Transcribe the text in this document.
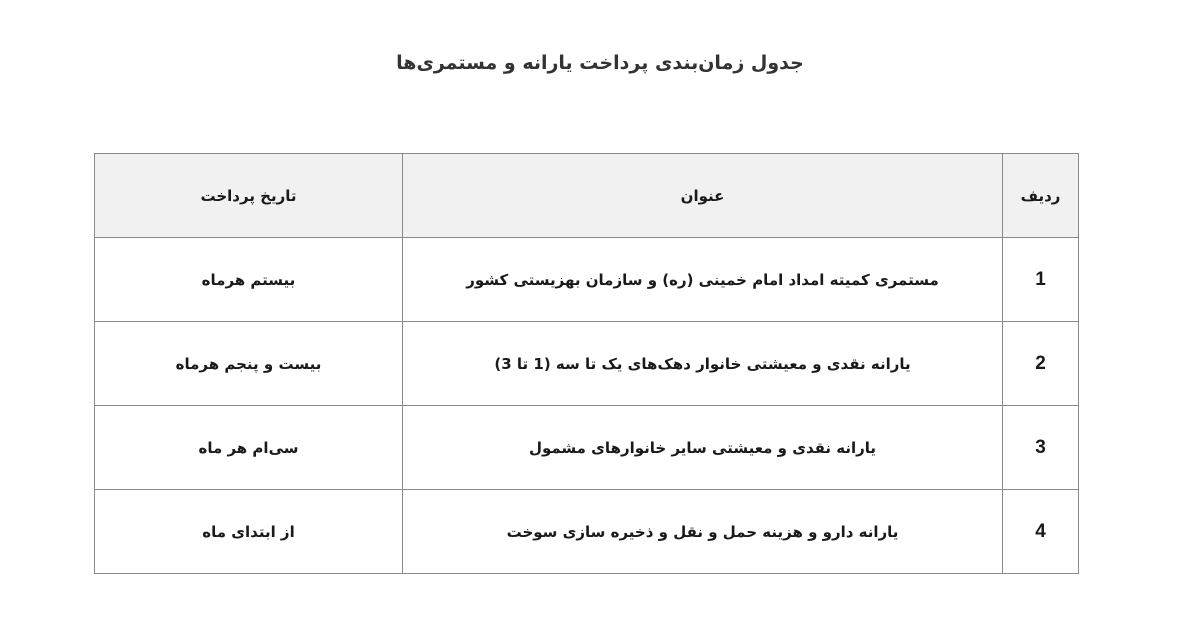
جدول زمان‌بندی پرداخت یارانه و مستمری‌ها
ردیف	عنوان	تاریخ پرداخت
1	مستمری کمیته امداد امام خمینی (ره) و سازمان بهزیستی کشور	بیستم هرماه
2	یارانه نقدی و معیشتی خانوار دهک‌های یک تا سه (1 تا 3)	بیست و پنجم هرماه
3	یارانه نقدی و معیشتی سایر خانوارهای مشمول	سی‌ام هر ماه
4	یارانه دارو و هزینه حمل و نقل و ذخیره سازی سوخت	از ابتدای ماه
